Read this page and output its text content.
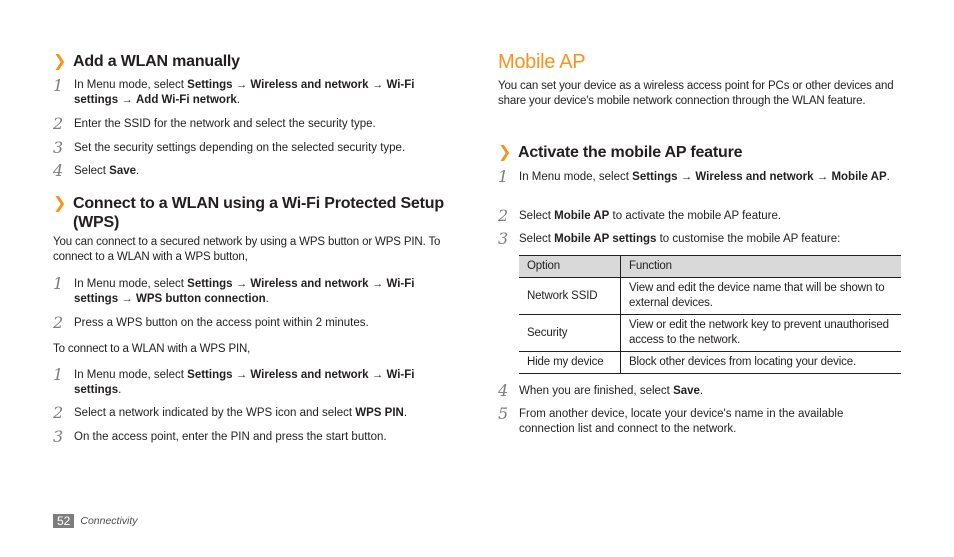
❯ Add a WLAN manually
1 In Menu mode, select Settings → Wireless and network → Wi-Fi settings → Add Wi-Fi network.
2 Enter the SSID for the network and select the security type.
3 Set the security settings depending on the selected security type.
4 Select Save.
❯ Connect to a WLAN using a Wi-Fi Protected Setup (WPS)
You can connect to a secured network by using a WPS button or WPS PIN. To connect to a WLAN with a WPS button,
1 In Menu mode, select Settings → Wireless and network → Wi-Fi settings → WPS button connection.
2 Press a WPS button on the access point within 2 minutes.
To connect to a WLAN with a WPS PIN,
1 In Menu mode, select Settings → Wireless and network → Wi-Fi settings.
2 Select a network indicated by the WPS icon and select WPS PIN.
3 On the access point, enter the PIN and press the start button.
Mobile AP
You can set your device as a wireless access point for PCs or other devices and share your device's mobile network connection through the WLAN feature.
❯ Activate the mobile AP feature
1 In Menu mode, select Settings → Wireless and network → Mobile AP.
2 Select Mobile AP to activate the mobile AP feature.
3 Select Mobile AP settings to customise the mobile AP feature:
Option	Function
Network SSID	View and edit the device name that will be shown to external devices.
Security	View or edit the network key to prevent unauthorised access to the network.
Hide my device	Block other devices from locating your device.
4 When you are finished, select Save.
5 From another device, locate your device's name in the available connection list and connect to the network.
52 Connectivity
